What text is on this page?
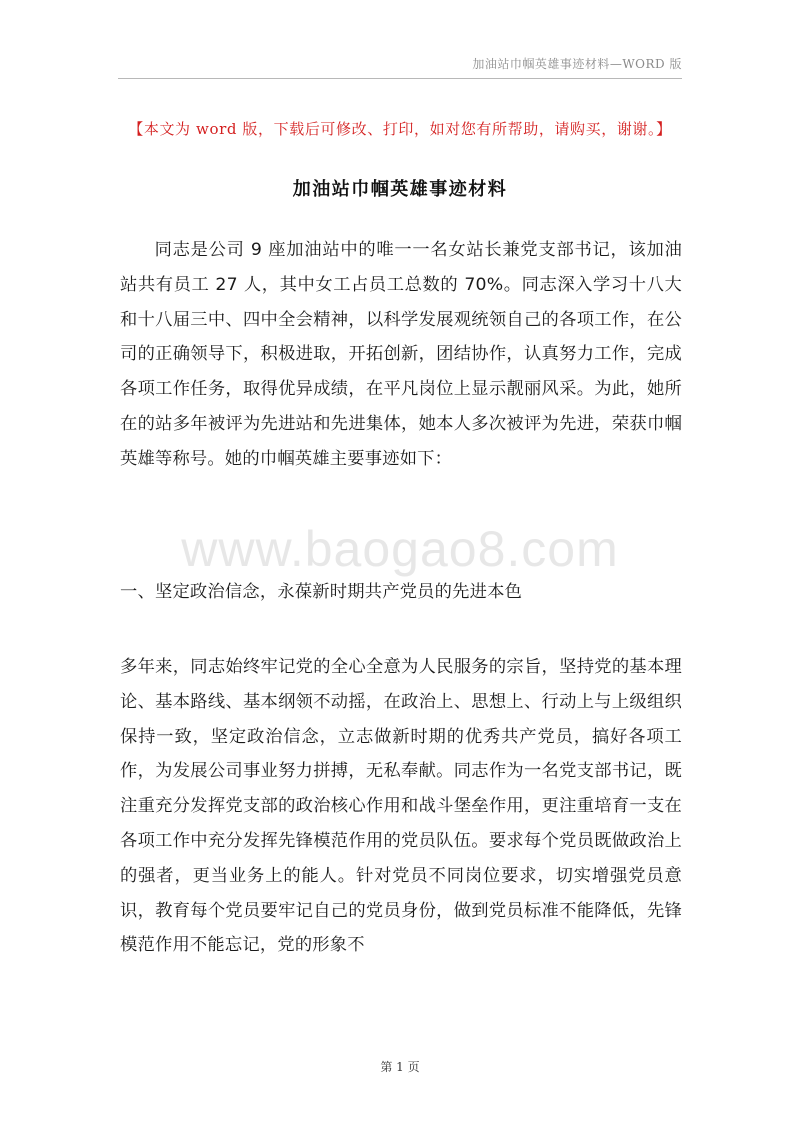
加油站巾帼英雄事迹材料—WORD 版
【本文为 word 版，下载后可修改、打印，如对您有所帮助，请购买，谢谢。】
加油站巾帼英雄事迹材料

同志是公司 9 座加油站中的唯一一名女站长兼党支部书记，该加油站共有员工 27 人，其中女工占员工总数的 70%。同志深入学习十八大和十八届三中、四中全会精神，以科学发展观统领自己的各项工作，在公司的正确领导下，积极进取，开拓创新，团结协作，认真努力工作，完成各项工作任务，取得优异成绩，在平凡岗位上显示靓丽风采。为此，她所在的站多年被评为先进站和先进集体，她本人多次被评为先进，荣获巾帼英雄等称号。她的巾帼英雄主要事迹如下：

www.baogao8.com

一、坚定政治信念，永葆新时期共产党员的先进本色

多年来，同志始终牢记党的全心全意为人民服务的宗旨，坚持党的基本理论、基本路线、基本纲领不动摇，在政治上、思想上、行动上与上级组织保持一致，坚定政治信念，立志做新时期的优秀共产党员，搞好各项工作，为发展公司事业努力拼搏，无私奉献。同志作为一名党支部书记，既注重充分发挥党支部的政治核心作用和战斗堡垒作用，更注重培育一支在各项工作中充分发挥先锋模范作用的党员队伍。要求每个党员既做政治上的强者，更当业务上的能人。针对党员不同岗位要求，切实增强党员意识，教育每个党员要牢记自己的党员身份，做到党员标准不能降低，先锋模范作用不能忘记，党的形象不

第 1 页
